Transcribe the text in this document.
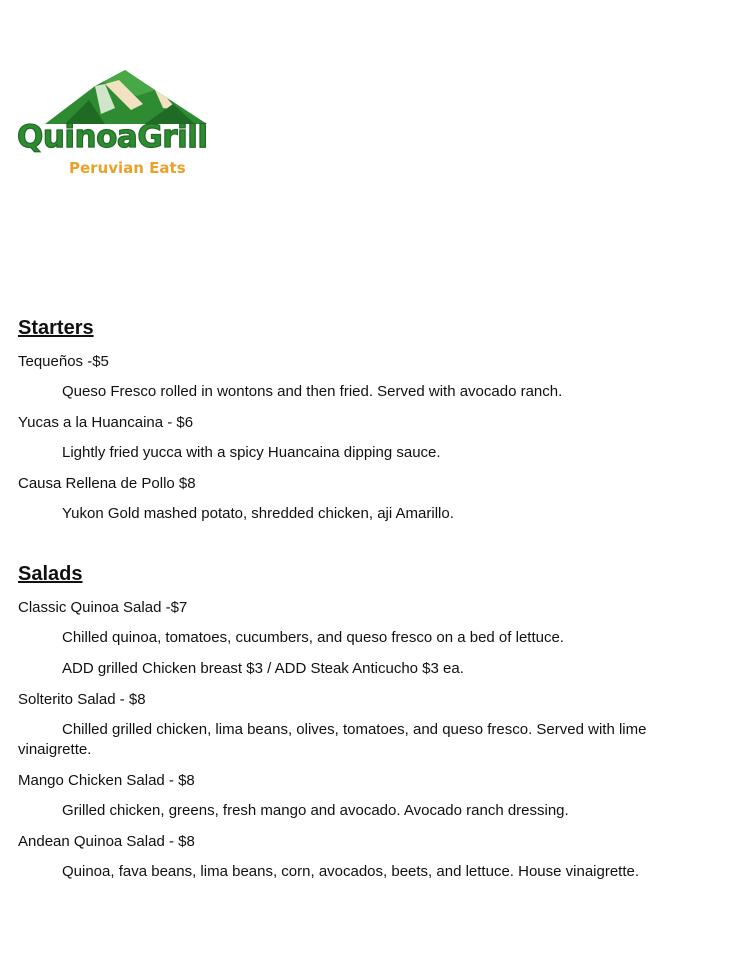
QuinoaGrill
Peruvian Eats
Starters
Tequeños -$5
Queso Fresco rolled in wontons and then fried. Served with avocado ranch.
Yucas a la Huancaina - $6
Lightly fried yucca with a spicy Huancaina dipping sauce.
Causa Rellena de Pollo $8
Yukon Gold mashed potato, shredded chicken, aji Amarillo.
Salads
Classic Quinoa Salad -$7
Chilled quinoa, tomatoes, cucumbers, and queso fresco on a bed of lettuce.
ADD grilled Chicken breast $3 / ADD Steak Anticucho $3 ea.
Solterito Salad - $8
Chilled grilled chicken, lima beans, olives, tomatoes, and queso fresco. Served with lime
vinaigrette.
Mango Chicken Salad - $8
Grilled chicken, greens, fresh mango and avocado. Avocado ranch dressing.
Andean Quinoa Salad - $8
Quinoa, fava beans, lima beans, corn, avocados, beets, and lettuce. House vinaigrette.
